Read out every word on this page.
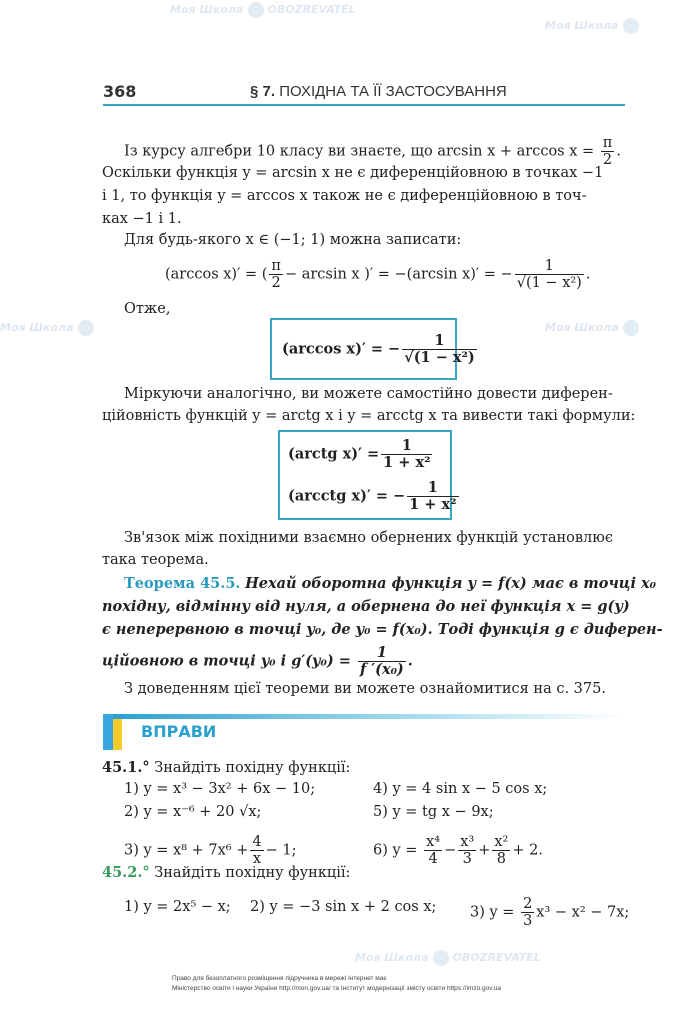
Моя Школа OBOZREVATEL
Моя Школа
Моя Школа	Моя Школа
Моя Школа OBOZREVATEL
368	§ 7. ПОХІДНА ТА ЇЇ ЗАСТОСУВАННЯ
Із курсу алгебри 10 класу ви знаєте, що $\arcsin x + \arccos x = \frac{\pi}{2}$ .
Оскільки функція y = arcsin x не є диференційовною в точках −1
і 1, то функція y = arccos x також не є диференційовною в точ-
ках −1 і 1.
Для будь-якого x ∈ (−1; 1) можна записати:
(arccos x)′ = ( $\frac{\pi}{2} - \arcsin x$ )′ = −(arcsin x)′ = − $\frac{1}{\text{√(1 − x²)}}$ .
Отже,
(arccos x)′ = − $\frac{1}{\text{√(1 − x²)}}$
Міркуючи аналогічно, ви можете самостійно довести диферен-
ційовність функцій y = arctg x і y = arcctg x та вивести такі формули:
(arctg $x)' = \frac{1}{\text{1 + x²}}$
(arcctg x)′ = − $\frac{1}{\text{1 + x²}}$
Зв'язок між похідними взаємно обернених функцій установлює
така теорема.
Теорема 45.5. Нехай оборотна функція y = f(x) має в точці x₀
похідну, відмінну від нуля, а обернена до неї функція x = g(y)
є неперервною в точці y₀, де y₀ = f(x₀). Тоді функція g є диферен-
ційовною в точці y₀ і $g'(y_0) = \frac{1}{\text{f ′(x₀)}}$ .
З доведенням цієї теореми ви можете ознайомитися на с. 375.
ВПРАВИ
45.1.° Знайдіть похідну функції:
1) y = x³ − 3x² + 6x − 10;
2) y = x⁻⁶ + 20 √x;
4) y = 4 sin x − 5 cos x;
5) y = tg x − 9x;
3) $y = x^8 + 7x^6 + \frac{4}{x} - 1$;	6) $y = \frac{\text{x⁴}}{4} - \frac{\text{x³}}{3} + \frac{\text{x²}}{8} + 2$.
45.2.° Знайдіть похідну функції:
1) y = 2x⁵ − x; 2) y = −3 sin x + 2 cos x; 3) $y = \frac{2}{3} x^3 - x^2 - 7x$;
Право для безоплатного розміщення підручника в мережі Інтернет має
Міністерство освіти і науки України http://mon.gov.ua/ та Інститут модернізації змісту освіти https://imzo.gov.ua
